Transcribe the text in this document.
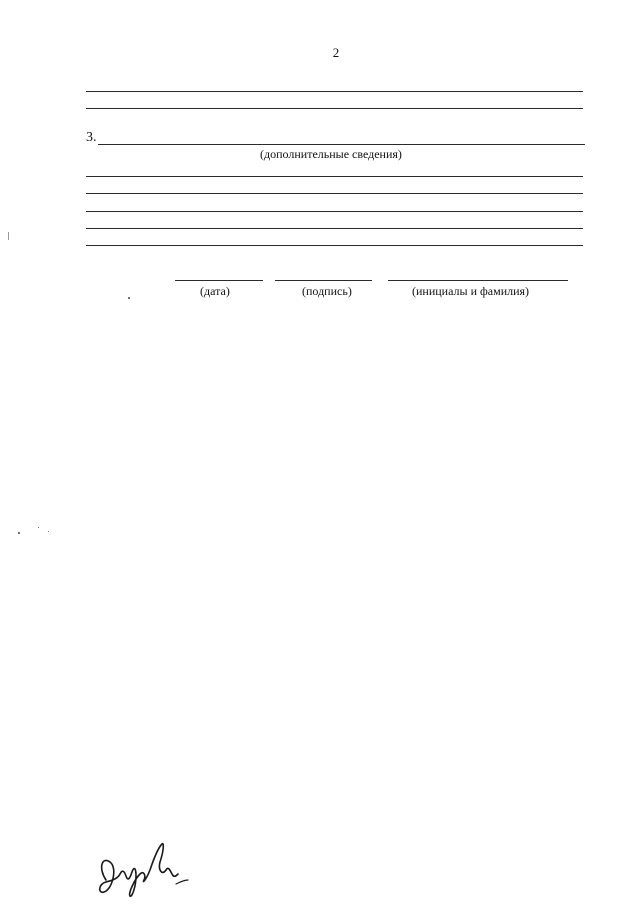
2
3.
(дополнительные сведения)
(дата)	(подпись)	(инициалы и фамилия)
